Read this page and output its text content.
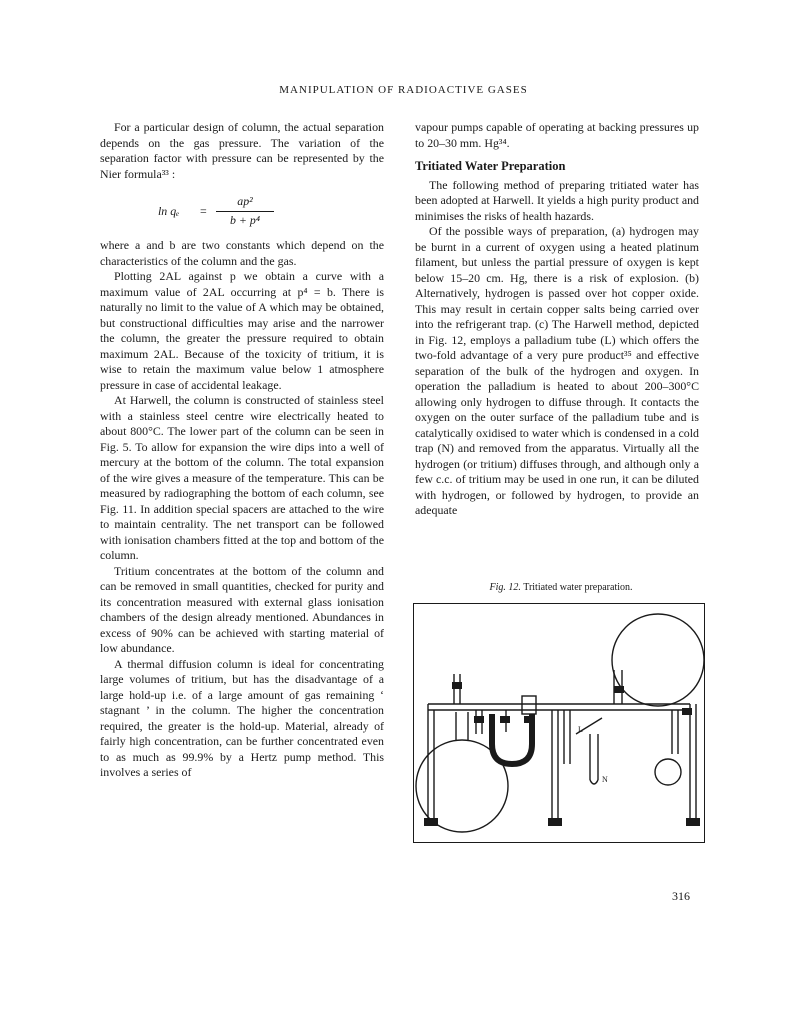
MANIPULATION OF RADIOACTIVE GASES

For a particular design of column, the actual separation depends on the gas pressure. The variation of the separation factor with pressure can be represented by the Nier formula³³ :

$\ln q_e = \frac{\text{ap²}}{\text{b + p⁴}}$

where a and b are two constants which depend on the characteristics of the column and the gas.

Plotting 2AL against p we obtain a curve with a maximum value of 2AL occurring at p⁴ = b. There is naturally no limit to the value of A which may be obtained, but constructional difficulties may arise and the narrower the column, the greater the pressure required to obtain maximum 2AL. Because of the toxicity of tritium, it is wise to retain the maximum value below 1 atmosphere pressure in case of accidental leakage.

At Harwell, the column is constructed of stainless steel with a stainless steel centre wire electrically heated to about 800°C. The lower part of the column can be seen in Fig. 5. To allow for expansion the wire dips into a well of mercury at the bottom of the column. The total expansion of the wire gives a measure of the temperature. This can be measured by radiographing the bottom of each column, see Fig. 11. In addition special spacers are attached to the wire to maintain centrality. The net transport can be followed with ionisation chambers fitted at the top and bottom of the column.

Tritium concentrates at the bottom of the column and can be removed in small quantities, checked for purity and its concentration measured with external glass ionisation chambers of the design already mentioned. Abundances in excess of 90% can be achieved with starting material of low abundance.

A thermal diffusion column is ideal for concentrating large volumes of tritium, but has the disadvantage of a large hold-up i.e. of a large amount of gas remaining ‘ stagnant ’ in the column. The higher the concentration required, the greater is the hold-up. Material, already of fairly high concentration, can be further concentrated even to as much as 99.9% by a Hertz pump method. This involves a series of

vapour pumps capable of operating at backing pressures up to 20–30 mm. Hg³⁴.

Tritiated Water Preparation

The following method of preparing tritiated water has been adopted at Harwell. It yields a high purity product and minimises the risks of health hazards.

Of the possible ways of preparation, (a) hydrogen may be burnt in a current of oxygen using a heated platinum filament, but unless the partial pressure of oxygen is kept below 15–20 cm. Hg, there is a risk of explosion. (b) Alternatively, hydrogen is passed over hot copper oxide. This may result in certain copper salts being carried over into the refrigerant trap. (c) The Harwell method, depicted in Fig. 12, employs a palladium tube (L) which offers the two-fold advantage of a very pure product³⁵ and effective separation of the bulk of the hydrogen and oxygen. In operation the palladium is heated to about 200–300°C allowing only hydrogen to diffuse through. It contacts the oxygen on the outer surface of the palladium tube and is catalytically oxidised to water which is condensed in a cold trap (N) and removed from the apparatus. Virtually all the hydrogen (or tritium) diffuses through, and although only a few c.c. of tritium may be used in one run, it can be diluted with hydrogen, or followed by hydrogen, to provide an adequate

Fig. 12. Tritiated water preparation.
L
N
316
